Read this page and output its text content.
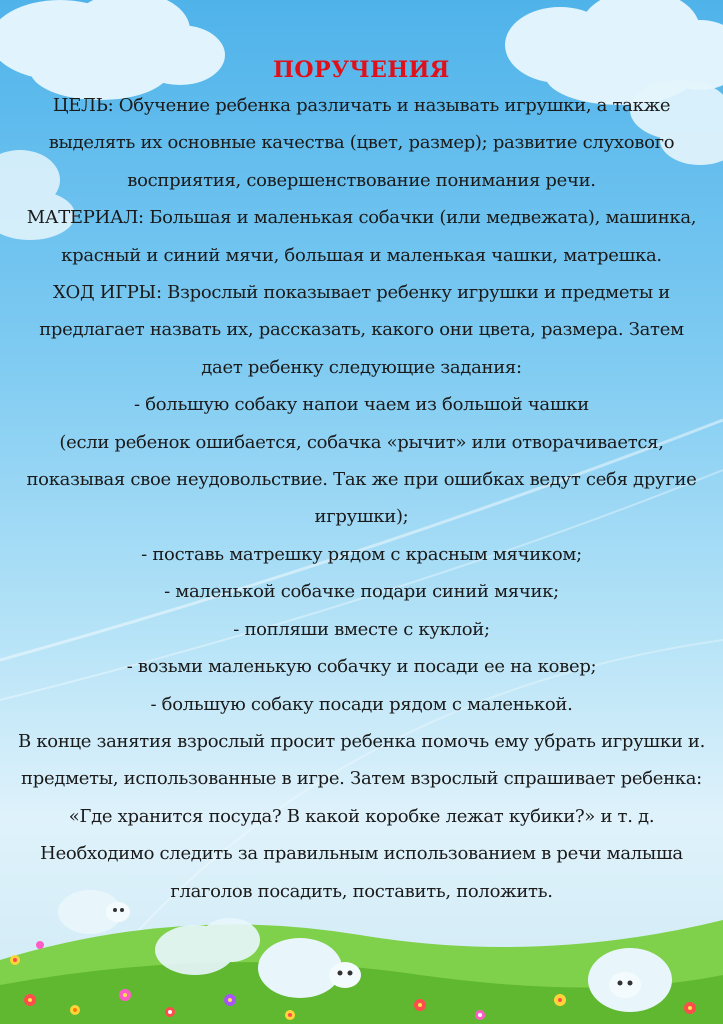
ПОРУЧЕНИЯ
ЦЕЛЬ: Обучение ребенка различать и называть игрушки, а также
выделять их основные качества (цвет, размер); развитие слухового
восприятия, совершенствование понимания речи.
МАТЕРИАЛ: Большая и маленькая собачки (или медвежата), машинка,
красный и синий мячи, большая и маленькая чашки, матрешка.
ХОД ИГРЫ: Взрослый показывает ребенку игрушки и предметы и
предлагает назвать их, рассказать, какого они цвета, размера. Затем
дает ребенку следующие задания:
- большую собаку напои чаем из большой чашки
(если ребенок ошибается, собачка «рычит» или отворачивается,
показывая свое неудовольствие. Так же при ошибках ведут себя другие
игрушки);
- поставь матрешку рядом с красным мячиком;
- маленькой собачке подари синий мячик;
- попляши вместе с куклой;
- возьми маленькую собачку и посади ее на ковер;
- большую собаку посади рядом с маленькой.
В конце занятия взрослый просит ребенка помочь ему убрать игрушки и.
предметы, использованные в игре. Затем взрослый спрашивает ребенка:
«Где хранится посуда? В какой коробке лежат кубики?» и т. д.
Необходимо следить за правильным использованием в речи малыша
глаголов посадить, поставить, положить.
